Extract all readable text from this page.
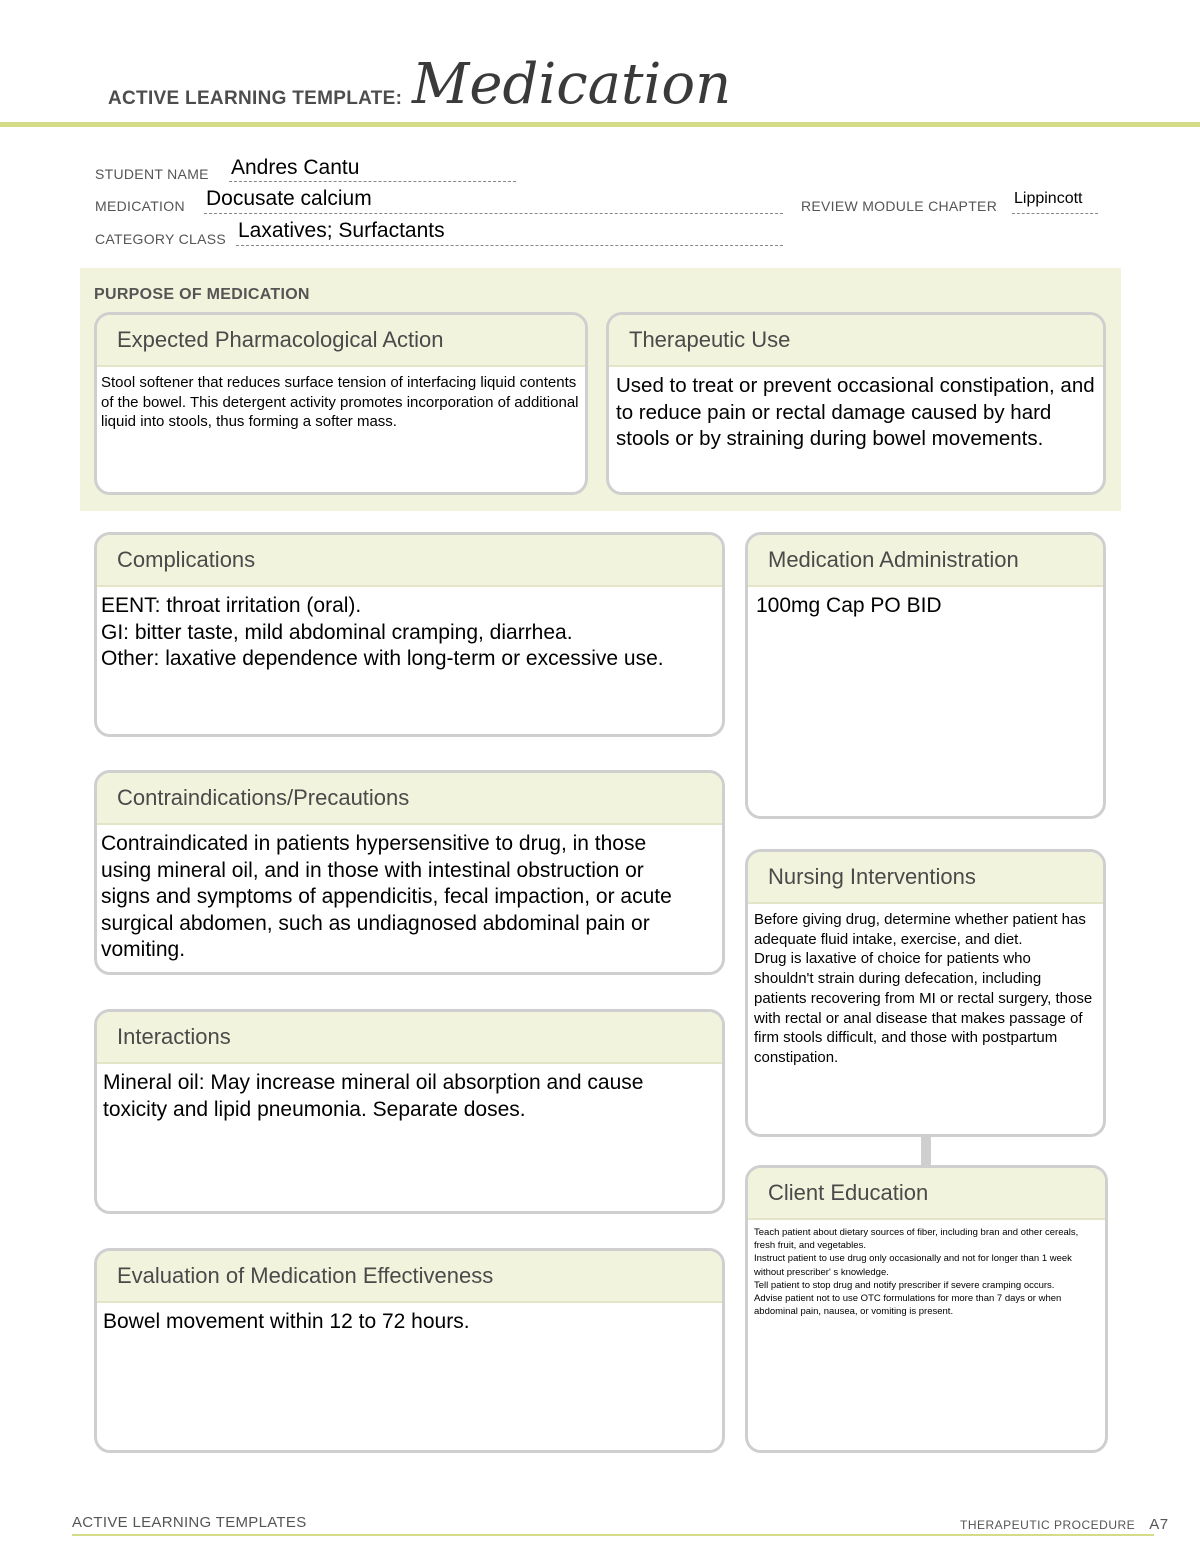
ACTIVE LEARNING TEMPLATE: Medication
STUDENT NAME Andres Cantu
MEDICATION Docusate calcium	REVIEW MODULE CHAPTER Lippincott
CATEGORY CLASS Laxatives; Surfactants
PURPOSE OF MEDICATION
Expected Pharmacological Action
Stool softener that reduces surface tension of interfacing liquid contents of the bowel. This detergent activity promotes incorporation of additional liquid into stools, thus forming a softer mass.
Therapeutic Use
Used to treat or prevent occasional constipation, and to reduce pain or rectal damage caused by hard stools or by straining during bowel movements.
Complications

EENT: throat irritation (oral).

GI: bitter taste, mild abdominal cramping, diarrhea.

Other: laxative dependence with long-term or excessive use.

Medication Administration
100mg Cap PO BID
Contraindications/Precautions
Contraindicated in patients hypersensitive to drug, in those using mineral oil, and in those with intestinal obstruction or signs and symptoms of appendicitis, fecal impaction, or acute surgical abdomen, such as undiagnosed abdominal pain or vomiting.
Nursing Interventions

Before giving drug, determine whether patient has adequate fluid intake, exercise, and diet.

Drug is laxative of choice for patients who shouldn't strain during defecation, including patients recovering from MI or rectal surgery, those with rectal or anal disease that makes passage of firm stools difficult, and those with postpartum constipation.

Interactions
Mineral oil: May increase mineral oil absorption and cause toxicity and lipid pneumonia. Separate doses.
Client Education

Teach patient about dietary sources of fiber, including bran and other cereals, fresh fruit, and vegetables.

Instruct patient to use drug only occasionally and not for longer than 1 week without prescriber' s knowledge.

Tell patient to stop drug and notify prescriber if severe cramping occurs.

Advise patient not to use OTC formulations for more than 7 days or when abdominal pain, nausea, or vomiting is present.

Evaluation of Medication Effectiveness
Bowel movement within 12 to 72 hours.
ACTIVE LEARNING TEMPLATES	THERAPEUTIC PROCEDURE A7
